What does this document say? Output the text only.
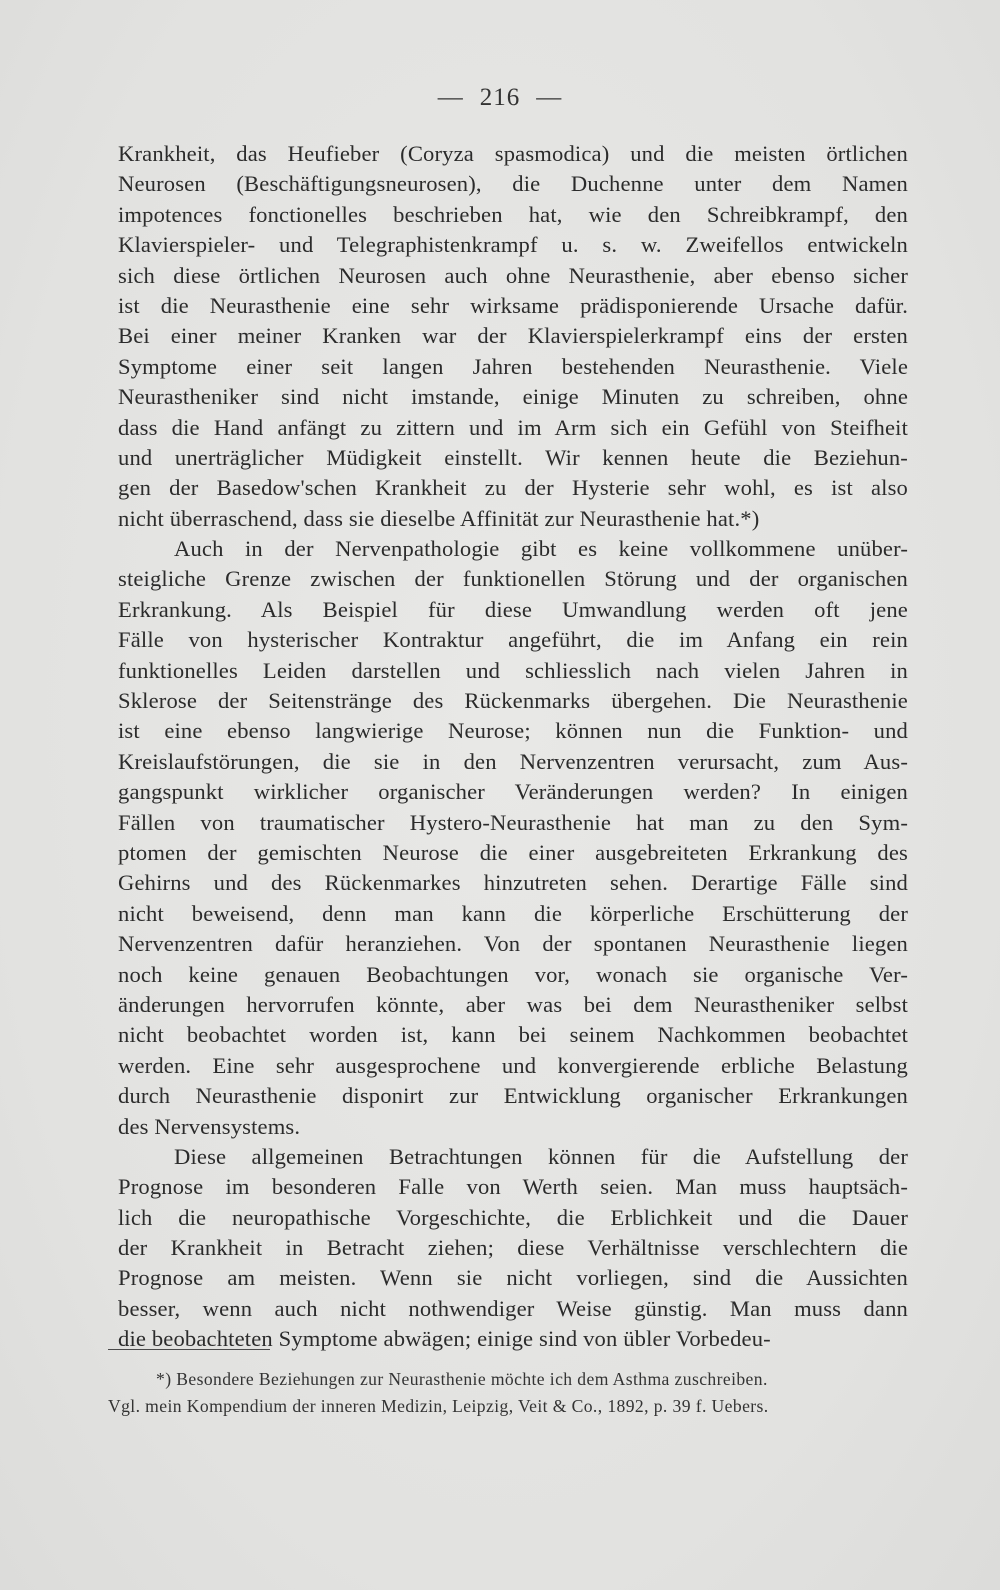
— 216 —
Krankheit, das Heufieber (Coryza spasmodica) und die meisten örtlichen
Neurosen (Beschäftigungsneurosen), die Duchenne unter dem Namen
impotences fonctionelles beschrieben hat, wie den Schreibkrampf, den
Klavierspieler- und Telegraphistenkrampf u. s. w. Zweifellos entwickeln
sich diese örtlichen Neurosen auch ohne Neurasthenie, aber ebenso sicher
ist die Neurasthenie eine sehr wirksame prädisponierende Ursache dafür.
Bei einer meiner Kranken war der Klavierspielerkrampf eins der ersten
Symptome einer seit langen Jahren bestehenden Neurasthenie. Viele
Neurastheniker sind nicht imstande, einige Minuten zu schreiben, ohne
dass die Hand anfängt zu zittern und im Arm sich ein Gefühl von Steifheit
und unerträglicher Müdigkeit einstellt. Wir kennen heute die Beziehun-
gen der Basedow'schen Krankheit zu der Hysterie sehr wohl, es ist also
nicht überraschend, dass sie dieselbe Affinität zur Neurasthenie hat.*)
Auch in der Nervenpathologie gibt es keine vollkommene unüber-
steigliche Grenze zwischen der funktionellen Störung und der organischen
Erkrankung. Als Beispiel für diese Umwandlung werden oft jene
Fälle von hysterischer Kontraktur angeführt, die im Anfang ein rein
funktionelles Leiden darstellen und schliesslich nach vielen Jahren in
Sklerose der Seitenstränge des Rückenmarks übergehen. Die Neurasthenie
ist eine ebenso langwierige Neurose; können nun die Funktion- und
Kreislaufstörungen, die sie in den Nervenzentren verursacht, zum Aus-
gangspunkt wirklicher organischer Veränderungen werden? In einigen
Fällen von traumatischer Hystero-Neurasthenie hat man zu den Sym-
ptomen der gemischten Neurose die einer ausgebreiteten Erkrankung des
Gehirns und des Rückenmarkes hinzutreten sehen. Derartige Fälle sind
nicht beweisend, denn man kann die körperliche Erschütterung der
Nervenzentren dafür heranziehen. Von der spontanen Neurasthenie liegen
noch keine genauen Beobachtungen vor, wonach sie organische Ver-
änderungen hervorrufen könnte, aber was bei dem Neurastheniker selbst
nicht beobachtet worden ist, kann bei seinem Nachkommen beobachtet
werden. Eine sehr ausgesprochene und konvergierende erbliche Belastung
durch Neurasthenie disponirt zur Entwicklung organischer Erkrankungen
des Nervensystems.
Diese allgemeinen Betrachtungen können für die Aufstellung der
Prognose im besonderen Falle von Werth seien. Man muss hauptsäch-
lich die neuropathische Vorgeschichte, die Erblichkeit und die Dauer
der Krankheit in Betracht ziehen; diese Verhältnisse verschlechtern die
Prognose am meisten. Wenn sie nicht vorliegen, sind die Aussichten
besser, wenn auch nicht nothwendiger Weise günstig. Man muss dann
die beobachteten Symptome abwägen; einige sind von übler Vorbedeu-
*) Besondere Beziehungen zur Neurasthenie möchte ich dem Asthma zuschreiben.
Vgl. mein Kompendium der inneren Medizin, Leipzig, Veit & Co., 1892, p. 39 f. Uebers.
